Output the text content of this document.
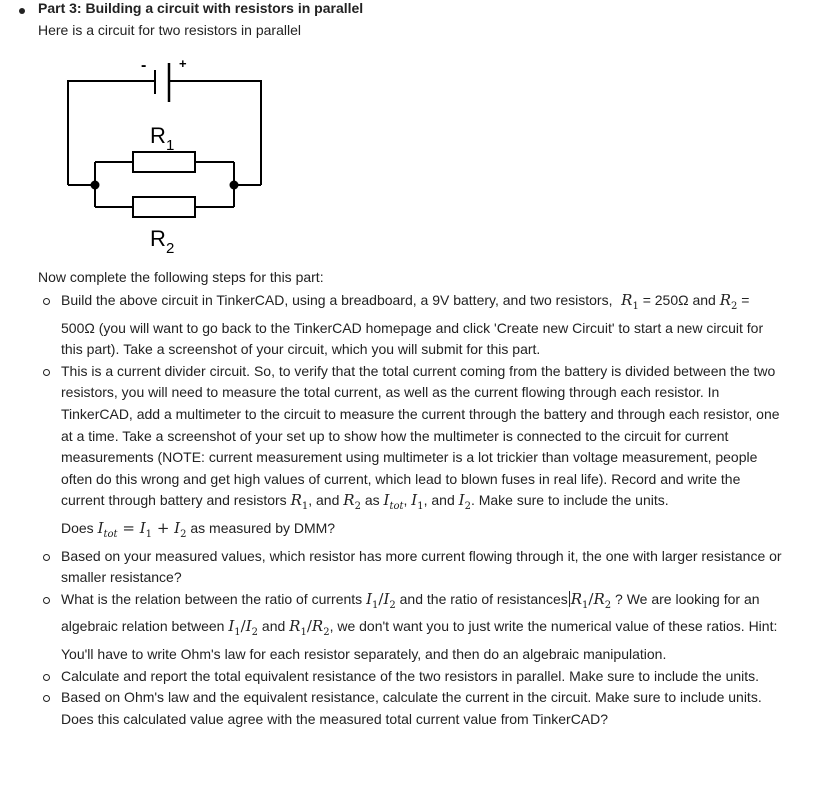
Part 3: Building a circuit with resistors in parallel
Here is a circuit for two resistors in parallel
-	+
R 1
R 2
Now complete the following steps for this part:
Build the above circuit in TinkerCAD, using a breadboard, a 9V battery, and two resistors, $R_1 = 250\Omega$ and $R_2 = 500\Omega$ (you will want to go back to the TinkerCAD homepage and click 'Create new Circuit' to start a new circuit for this part). Take a screenshot of your circuit, which you will submit for this part.
This is a current divider circuit. So, to verify that the total current coming from the battery is divided between the two resistors, you will need to measure the total current, as well as the current flowing through each resistor. In TinkerCAD, add a multimeter to the circuit to measure the current through the battery and through each resistor, one at a time. Take a screenshot of your set up to show how the multimeter is connected to the circuit for current measurements (NOTE: current measurement using multimeter is a lot trickier than voltage measurement, people often do this wrong and get high values of current, which lead to blown fuses in real life). Record and write the current through battery and resistors $R_1$, and $R_2$ as $I_{tot}$, $I_1$, and $I_2$. Make sure to include the units.
Does $I_{tot} = I_1 + I_2$ as measured by DMM?
Based on your measured values, which resistor has more current flowing through it, the one with larger resistance or smaller resistance?
What is the relation between the ratio of currents $I_1/I_2$ and the ratio of resistances $R_1/R_2$ ? We are looking for an algebraic relation between $I_1/I_2$ and $R_1/R_2$, we don't want you to just write the numerical value of these ratios. Hint: You'll have to write Ohm's law for each resistor separately, and then do an algebraic manipulation.
Calculate and report the total equivalent resistance of the two resistors in parallel. Make sure to include the units.
Based on Ohm's law and the equivalent resistance, calculate the current in the circuit. Make sure to include units.
Does this calculated value agree with the measured total current value from TinkerCAD?
